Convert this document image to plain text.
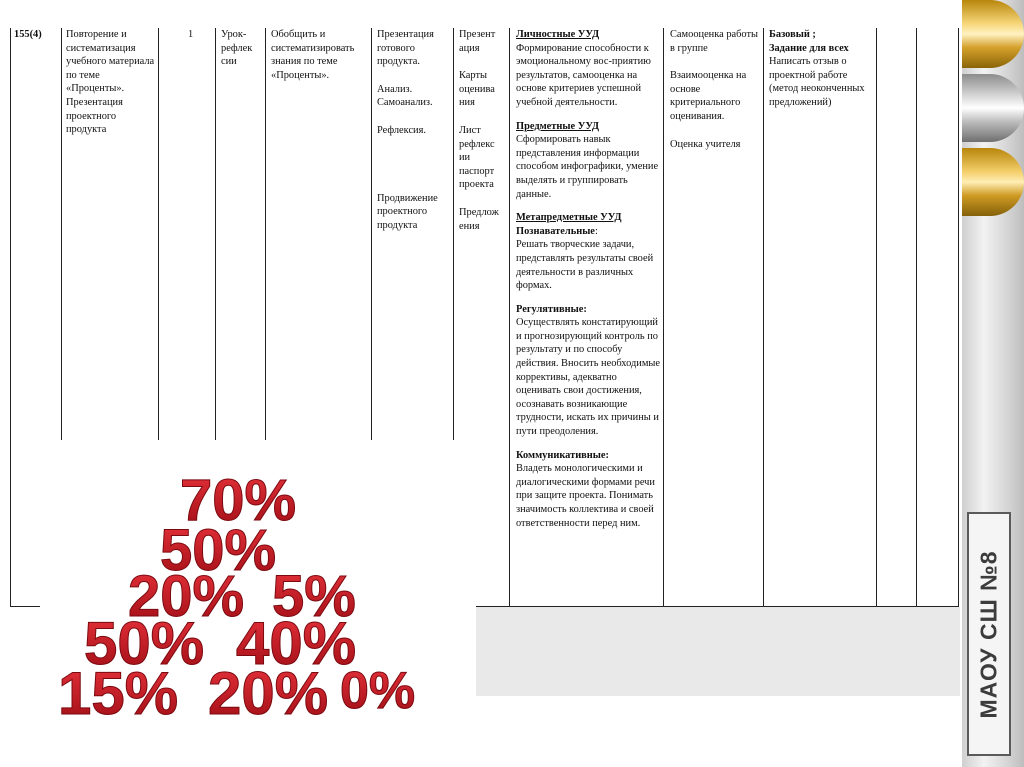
МАОУ СШ №8
155(4)	Повторение и систематизация учебного материала по теме «Проценты». Презентация проектного продукта
1	Урок-рефлек сии
Обобщить и систематизировать знания по теме «Проценты».
Презентация готового продукта.
Анализ. Самоанализ.
Рефлексия.
Продвижение проектного продукта
Презент ация
Карты оценива ния
Лист рефлекс ии паспорт проекта
Предлож ения
Личностные УУД
Формирование способности к эмоциональному вос-приятию результатов, самооценка на основе критериев успешной учебной деятельности.
Предметные УУД
Сформировать навык представления информации способом инфографики, умение выделять и группировать данные.
Метапредметные УУД
Познавательные:
Решать творческие задачи, представлять результаты своей деятельности в различных формах.
Регулятивные:
Осуществлять констатирующий и прогнозирующий контроль по результату и по способу действия. Вносить необходимые коррективы, адекватно оценивать свои достижения, осознавать возникающие трудности, искать их причины и пути преодоления.
Коммуникативные:
Владеть монологическими и диалогическими формами речи при защите проекта. Понимать значимость коллектива и своей ответственности перед ним.
Самооценка работы в группе
Взаимооценка на основе критериального оценивания.
Оценка учителя
Базовый ;
Задание для всех
Написать отзыв о проектной работе (метод неоконченных предложений)
70%
50%
20% 5%
50% 40%
15% 20% 0%
